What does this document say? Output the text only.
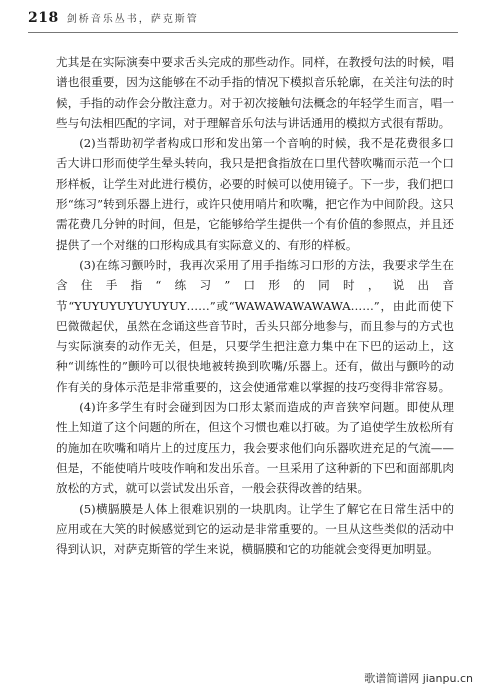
218 剑桥音乐丛书，萨克斯管

尤其是在实际演奏中要求舌头完成的那些动作。同样，在教授句法的时候，唱谱也很重要，因为这能够在不动手指的情况下模拟音乐轮廓，在关注句法的时候，手指的动作会分散注意力。对于初次接触句法概念的年轻学生而言，唱一些与句法相匹配的字词，对于理解音乐句法与讲话通用的模拟方式很有帮助。

(2)当帮助初学者构成口形和发出第一个音响的时候，我不是花费很多口舌大讲口形而使学生晕头转向，我只是把食指放在口里代替吹嘴而示范一个口形样板，让学生对此进行模仿，必要的时候可以使用镜子。下一步，我们把口形“练习”转到乐器上进行，或许只使用哨片和吹嘴，把它作为中间阶段。这只需花费几分钟的时间，但是，它能够给学生提供一个有价值的参照点，并且还提供了一个对继的口形构成具有实际意义的、有形的样板。

(3)在练习颤吟时，我再次采用了用手指练习口形的方法，我要求学生在含住手指“练习”口形的同时，说出音节“YUYUYUYUYUYUY……”或“WAWAWAWAWAWA……”，由此而使下巴微微起伏，虽然在念诵这些音节时，舌头只部分地参与，而且参与的方式也与实际演奏的动作无关，但是，只要学生把注意力集中在下巴的运动上，这种“训练性的”颤吟可以很快地被转换到吹嘴/乐器上。还有，做出与颤吟的动作有关的身体示范是非常重要的，这会使通常难以掌握的技巧变得非常容易。

(4)许多学生有时会碰到因为口形太紧而造成的声音狭窄问题。即使从理性上知道了这个问题的所在，但这个习惯也难以打破。为了追使学生放松所有的施加在吹嘴和哨片上的过度压力，我会要求他们向乐器吹进充足的气流——但是，不能使哨片吱吱作响和发出乐音。一旦采用了这种新的下巴和面部肌肉放松的方式，就可以尝试发出乐音，一般会获得改善的结果。

(5)横膈膜是人体上很难识别的一块肌肉。让学生了解它在日常生活中的应用或在大笑的时候感觉到它的运动是非常重要的。一旦从这些类似的活动中得到认识，对萨克斯管的学生来说，横膈膜和它的功能就会变得更加明显。

歌谱简谱网 jianpu.cn
